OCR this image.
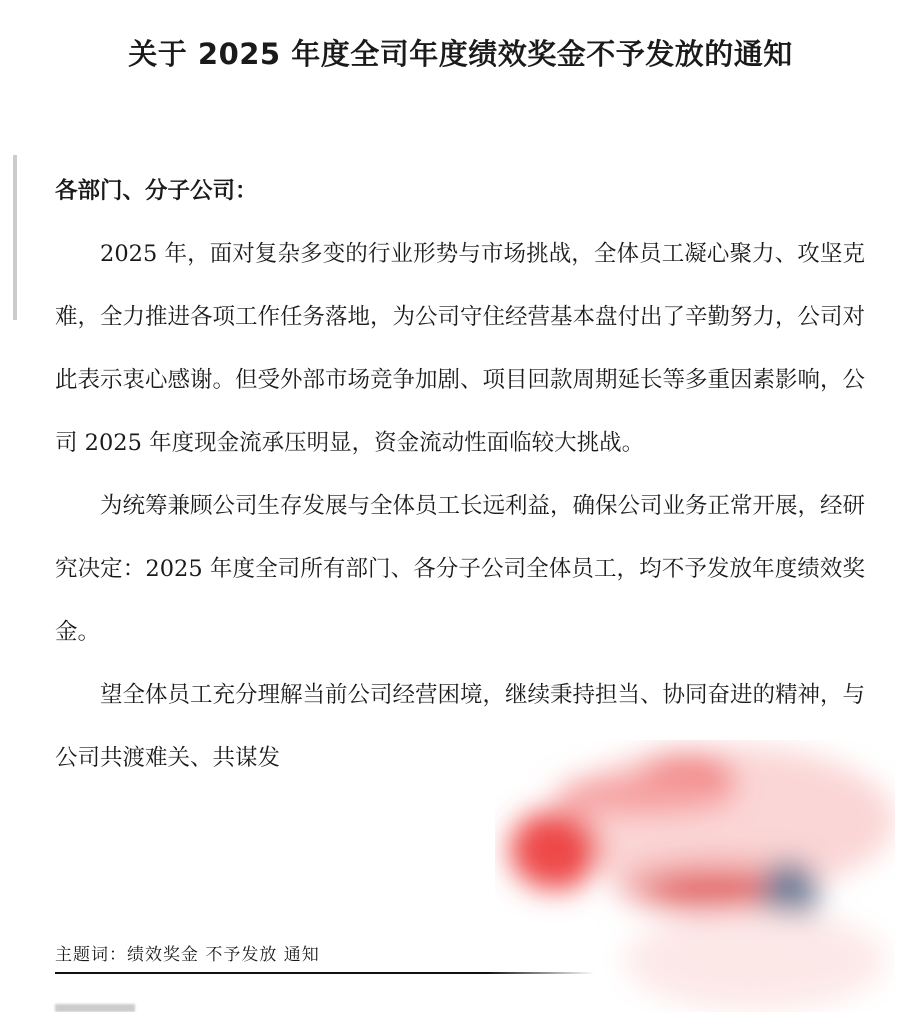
关于 2025 年度全司年度绩效奖金不予发放的通知
各部门、分子公司：

2025 年，面对复杂多变的行业形势与市场挑战，全体员工凝心聚力、攻坚克难，全力推进各项工作任务落地，为公司守住经营基本盘付出了辛勤努力，公司对此表示衷心感谢。但受外部市场竞争加剧、项目回款周期延长等多重因素影响，公司 2025 年度现金流承压明显，资金流动性面临较大挑战。

为统筹兼顾公司生存发展与全体员工长远利益，确保公司业务正常开展，经研究决定：2025 年度全司所有部门、各分子公司全体员工，均不予发放年度绩效奖金。

望全体员工充分理解当前公司经营困境，继续秉持担当、协同奋进的精神，与公司共渡难关、共谋发

主题词：绩效奖金 不予发放 通知
